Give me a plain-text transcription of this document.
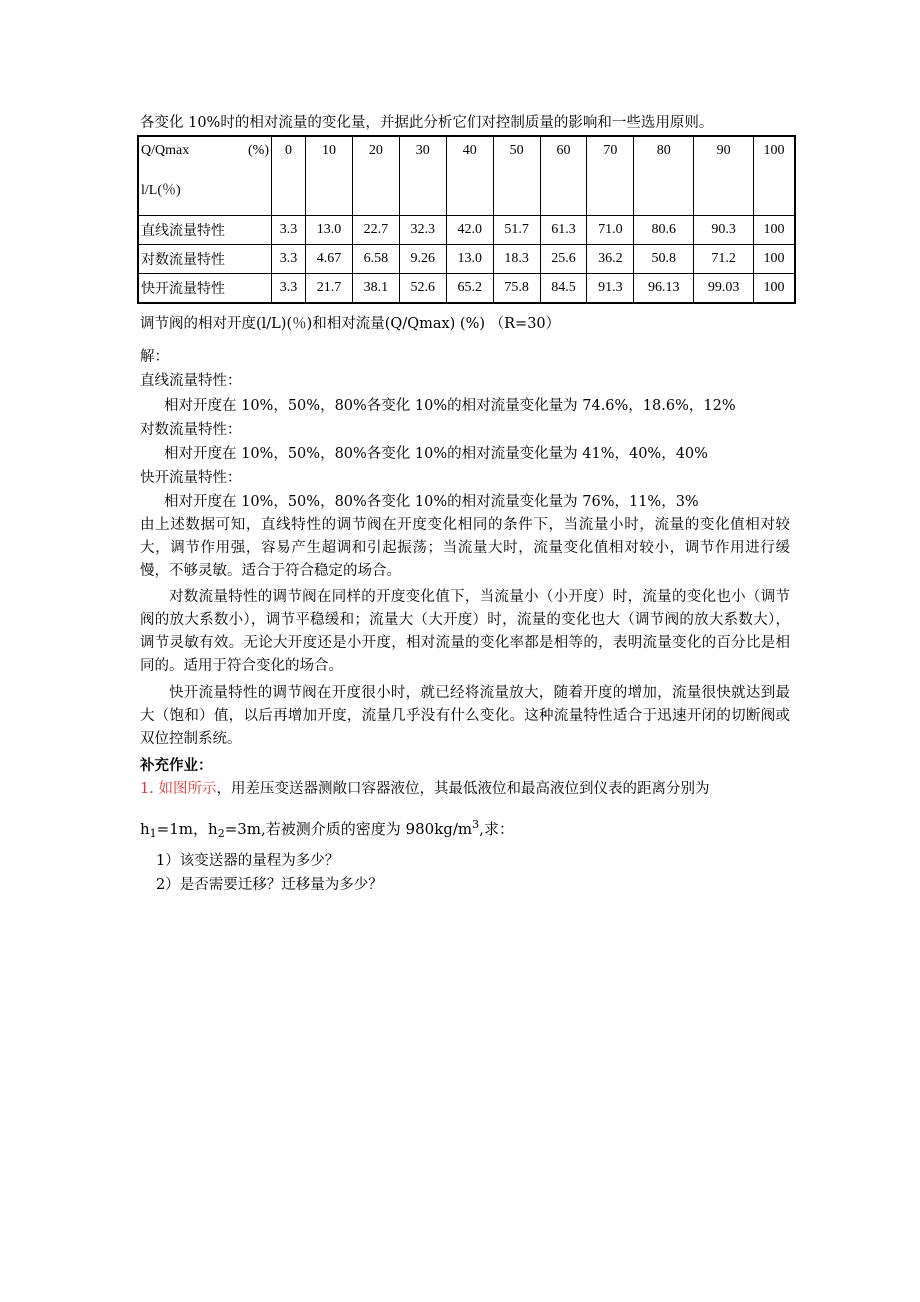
各变化 10%时的相对流量的变化量，并据此分析它们对控制质量的影响和一些选用原则。
Q/Qmax (%)
l/L(％)	0	10	20	30	40	50	60	70	80	90	100
直线流量特性	3.3	13.0	22.7	32.3	42.0	51.7	61.3	71.0	80.6	90.3	100
对数流量特性	3.3	4.67	6.58	9.26	13.0	18.3	25.6	36.2	50.8	71.2	100
快开流量特性	3.3	21.7	38.1	52.6	65.2	75.8	84.5	91.3	96.13	99.03	100
调节阀的相对开度(l/L)(％)和相对流量(Q/Qmax) (%) （R=30）
解：
直线流量特性：
相对开度在 10%，50%，80%各变化 10%的相对流量变化量为 74.6%，18.6%，12%
对数流量特性：
相对开度在 10%，50%，80%各变化 10%的相对流量变化量为 41%，40%，40%
快开流量特性：
相对开度在 10%，50%，80%各变化 10%的相对流量变化量为 76%，11%，3%
由上述数据可知，直线特性的调节阀在开度变化相同的条件下，当流量小时，流量的变化值相对较大，调节作用强，容易产生超调和引起振荡；当流量大时，流量变化值相对较小，调节作用进行缓慢，不够灵敏。适合于符合稳定的场合。
对数流量特性的调节阀在同样的开度变化值下，当流量小（小开度）时，流量的变化也小（调节阀的放大系数小），调节平稳缓和；流量大（大开度）时，流量的变化也大（调节阀的放大系数大），调节灵敏有效。无论大开度还是小开度，相对流量的变化率都是相等的，表明流量变化的百分比是相同的。适用于符合变化的场合。
快开流量特性的调节阀在开度很小时，就已经将流量放大，随着开度的增加，流量很快就达到最大（饱和）值，以后再增加开度，流量几乎没有什么变化。这种流量特性适合于迅速开闭的切断阀或双位控制系统。
补充作业：
1. 如图所示，用差压变送器测敞口容器液位，其最低液位和最高液位到仪表的距离分别为
$h_1=1m$，$h_2=3m$,若被测介质的密度为 $980kg/m^3$,求：
1）该变送器的量程为多少？
2）是否需要迁移？迁移量为多少？
